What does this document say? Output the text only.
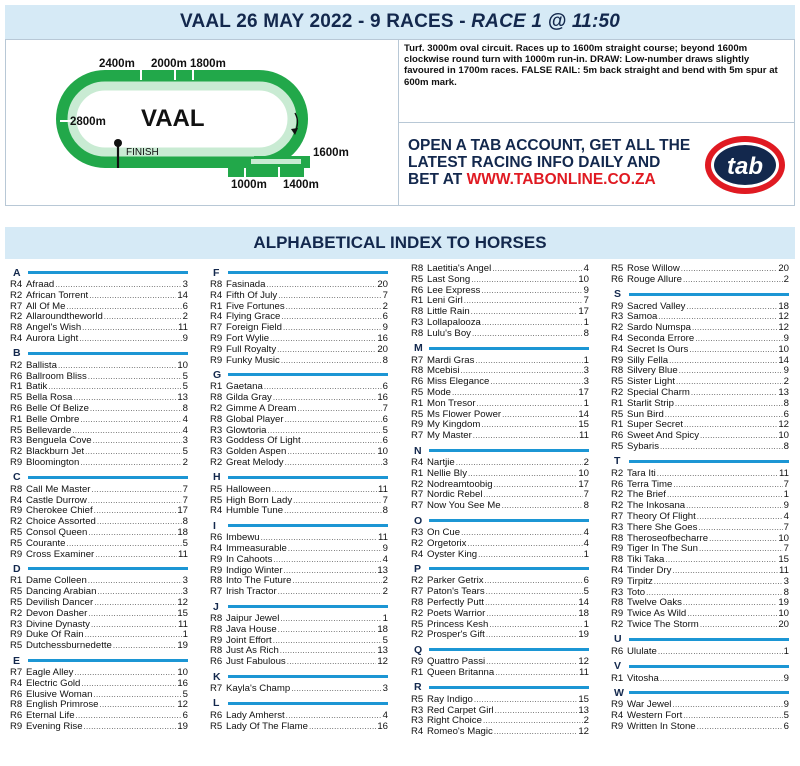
VAAL 26 MAY 2022 - 9 RACES - RACE 1 @ 11:50
2400m 2000m 1800m
2800m VAAL
FINISH	1600m
1000m 1400m
Turf. 3000m oval circuit. Races up to 1600m straight course; beyond 1600m clockwise round turn with 1000m run-in. DRAW: Low-number draws slightly favoured in 1700m races. FALSE RAIL: 5m back straight and bend with 5m spur at 600m mark.
OPEN A TAB ACCOUNT, GET ALL THE
LATEST RACING INFO DAILY AND
BET AT WWW.TABONLINE.CO.ZA	tab
ALPHABETICAL INDEX TO HORSES
A
R4 Afraad .....	3
R2 African Torrent .....	14
R7 All Of Me .....	6
R2 Allaroundtheworld .....	2
R8 Angel's Wish .....	11
R4 Aurora Light .....	9
B
R2 Ballista .....	10
R6 Ballroom Bliss .....	5
R1 Batik .....	5
R5 Bella Rosa .....	13
R6 Belle Of Belize .....	8
R1 Belle Ombre .....	4
R5 Bellevarde .....	4
R3 Benguela Cove .....	3
R2 Blackburn Jet .....	5
R9 Bloomington .....	2
C
R8 Call Me Master .....	7
R4 Castle Durrow .....	7
R9 Cherokee Chief .....	17
R2 Choice Assorted .....	8
R5 Consol Queen .....	18
R5 Courante .....	5
R9 Cross Examiner .....	11
D
R1 Dame Colleen .....	3
R5 Dancing Arabian .....	3
R5 Devilish Dancer .....	12
R2 Devon Dasher .....	15
R3 Divine Dynasty .....	11
R9 Duke Of Rain .....	1
R5 Dutchessburnedette .....	19
E
R7 Eagle Alley .....	10
R4 Electric Gold .....	16
R6 Elusive Woman .....	5
R8 English Primrose .....	12
R6 Eternal Life .....	6
R9 Evening Rise .....	19
F
R8 Fasinada .....	20
R4 Fifth Of July .....	7
R1 Five Fortunes .....	2
R4 Flying Grace .....	6
R7 Foreign Field .....	9
R9 Fort Wylie .....	16
R9 Full Royalty .....	20
R9 Funky Music .....	8
G
R1 Gaetana .....	6
R8 Gilda Gray .....	16
R2 Gimme A Dream .....	7
R8 Global Player .....	6
R3 Glowtoria .....	5
R3 Goddess Of Light .....	6
R3 Golden Aspen .....	10
R2 Great Melody .....	3
H
R5 Halloween .....	11
R5 High Born Lady .....	7
R4 Humble Tune .....	8
I
R6 Imbewu .....	11
R4 Immeasurable .....	9
R9 In Cahoots .....	4
R9 Indigo Winter .....	13
R8 Into The Future .....	2
R7 Irish Tractor .....	2
J
R8 Jaipur Jewel .....	1
R8 Java House .....	18
R9 Joint Effort .....	5
R8 Just As Rich .....	13
R6 Just Fabulous .....	12
K
R7 Kayla's Champ .....	3
L
R6 Lady Amherst .....	4
R5 Lady Of The Flame .....	16
R8 Laetitia's Angel .....	4
R5 Last Song .....	10
R6 Lee Express .....	9
R1 Leni Girl .....	7
R8 Little Rain .....	17
R3 Lollapalooza .....	1
R8 Lulu's Boy .....	8
M
R7 Mardi Gras .....	1
R8 Mcebisi .....	3
R6 Miss Elegance .....	3
R5 Mode .....	17
R1 Mon Tresor .....	1
R5 Ms Flower Power .....	14
R9 My Kingdom .....	15
R7 My Master .....	11
N
R4 Nartjie .....	2
R1 Nellie Bly .....	10
R2 Nodreamtoobig .....	17
R7 Nordic Rebel .....	7
R7 Now You See Me .....	8
O
R3 On Cue .....	4
R2 Orgetorix .....	4
R4 Oyster King .....	1
P
R2 Parker Getrix .....	6
R7 Paton's Tears .....	5
R8 Perfectly Putt .....	14
R2 Poets Warrior .....	18
R5 Princess Kesh .....	1
R2 Prosper's Gift .....	19
Q
R9 Quattro Passi .....	12
R1 Queen Britanna .....	11
R
R5 Ray Indigo .....	15
R3 Red Carpet Girl .....	13
R3 Right Choice .....	2
R4 Romeo's Magic .....	12
R5 Rose Willow .....	20
R6 Rouge Allure .....	2
S
R9 Sacred Valley .....	18
R3 Samoa .....	12
R2 Sardo Numspa .....	12
R4 Seconda Errore .....	9
R4 Secret Is Ours .....	10
R9 Silly Fella .....	14
R8 Silvery Blue .....	9
R5 Sister Light .....	2
R2 Special Charm .....	13
R1 Starlit Strip .....	8
R5 Sun Bird .....	6
R1 Super Secret .....	12
R6 Sweet And Spicy .....	10
R5 Sybaris .....	8
T
R2 Tara Iti .....	11
R6 Terra Time .....	7
R2 The Brief .....	1
R2 The Inkosana .....	9
R7 Theory Of Flight .....	4
R3 There She Goes .....	7
R8 Theroseofbecharre .....	10
R9 Tiger In The Sun .....	7
R8 Tiki Taka .....	15
R4 Tinder Dry .....	11
R9 Tirpitz .....	3
R3 Toto .....	8
R8 Twelve Oaks .....	19
R9 Twice As Wild .....	10
R2 Twice The Storm .....	20
U
R6 Ululate .....	1
V
R1 Vitosha .....	9
W
R9 War Jewel .....	9
R4 Western Fort .....	5
R9 Written In Stone .....	6
